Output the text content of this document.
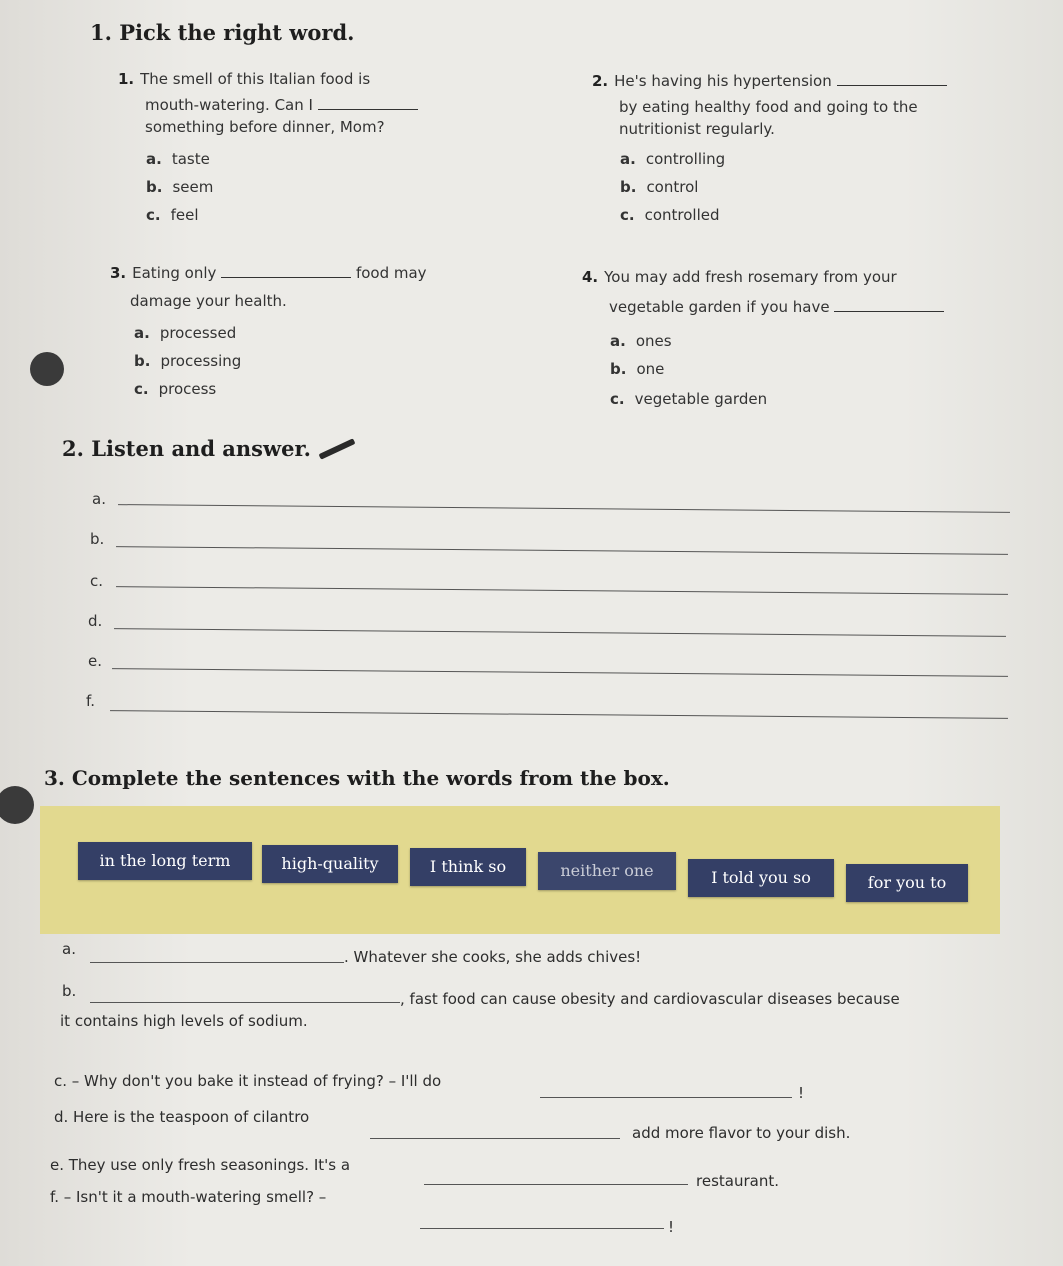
1. Pick the right word.
1. The smell of this Italian food is
mouth-watering. Can I
something before dinner, Mom?
a. taste
b. seem
c. feel
2. He's having his hypertension
by eating healthy food and going to the
nutritionist regularly.
a. controlling
b. control
c. controlled
3. Eating only	food may
damage your health.
a. processed
b. processing
c. process
4. You may add fresh rosemary from your
vegetable garden if you have
a. ones
b. one
c. vegetable garden
2. Listen and answer.
a.
b.
c.
d.
e.
f.
3. Complete the sentences with the words from the box.
in the long term	high-quality	I think so	neither one	I told you so	for you to
a.	. Whatever she cooks, she adds chives!
b.	, fast food can cause obesity and cardiovascular diseases because
it contains high levels of sodium.
c. – Why don't you bake it instead of frying? – I'll do
!
d. Here is the teaspoon of cilantro
add more flavor to your dish.
e. They use only fresh seasonings. It's a
restaurant.
f. – Isn't it a mouth-watering smell? –
!
